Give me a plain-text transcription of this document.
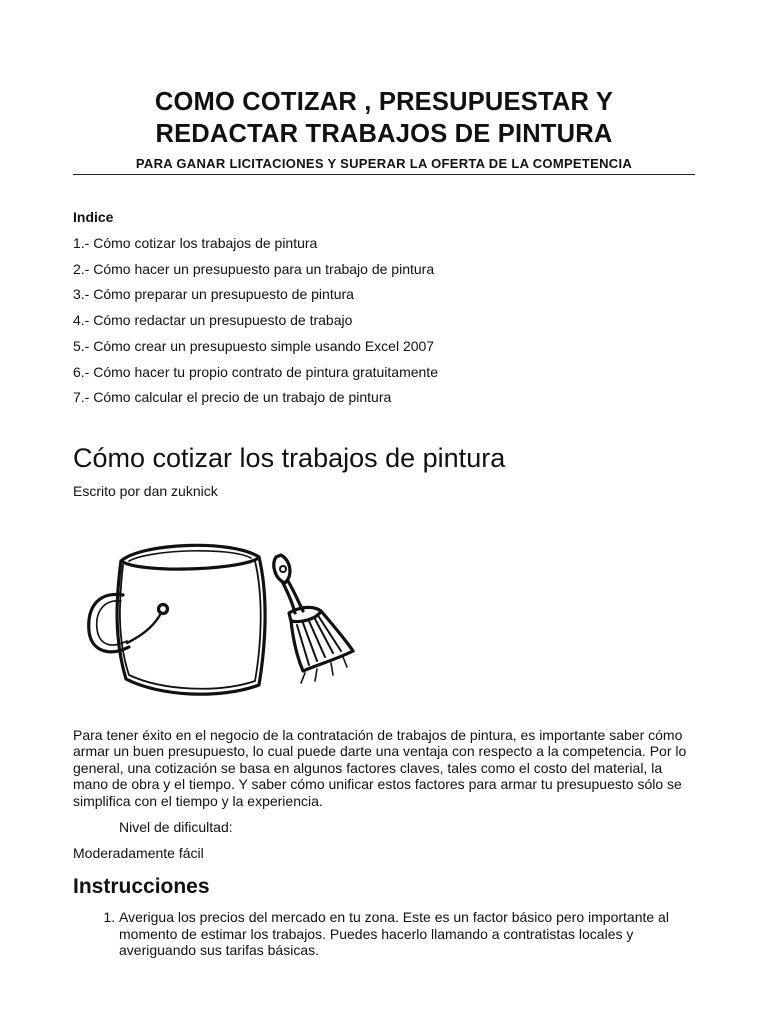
COMO COTIZAR , PRESUPUESTAR Y
REDACTAR TRABAJOS DE PINTURA

PARA GANAR LICITACIONES Y SUPERAR LA OFERTA DE LA COMPETENCIA

Indice

1.- Cómo cotizar los trabajos de pintura
2.- Cómo hacer un presupuesto para un trabajo de pintura
3.- Cómo preparar un presupuesto de pintura
4.- Cómo redactar un presupuesto de trabajo
5.- Cómo crear un presupuesto simple usando Excel 2007
6.- Cómo hacer tu propio contrato de pintura gratuitamente
7.- Cómo calcular el precio de un trabajo de pintura
Cómo cotizar los trabajos de pintura

Escrito por dan zuknick

Para tener éxito en el negocio de la contratación de trabajos de pintura, es importante saber cómo armar un buen presupuesto, lo cual puede darte una ventaja con respecto a la competencia. Por lo general, una cotización se basa en algunos factores claves, tales como el costo del material, la mano de obra y el tiempo. Y saber cómo unificar estos factores para armar tu presupuesto sólo se simplifica con el tiempo y la experiencia.

Nivel de dificultad:

Moderadamente fácil

Instrucciones
1. Averigua los precios del mercado en tu zona. Este es un factor básico pero importante al momento de estimar los trabajos. Puedes hacerlo llamando a contratistas locales y averiguando sus tarifas básicas.
